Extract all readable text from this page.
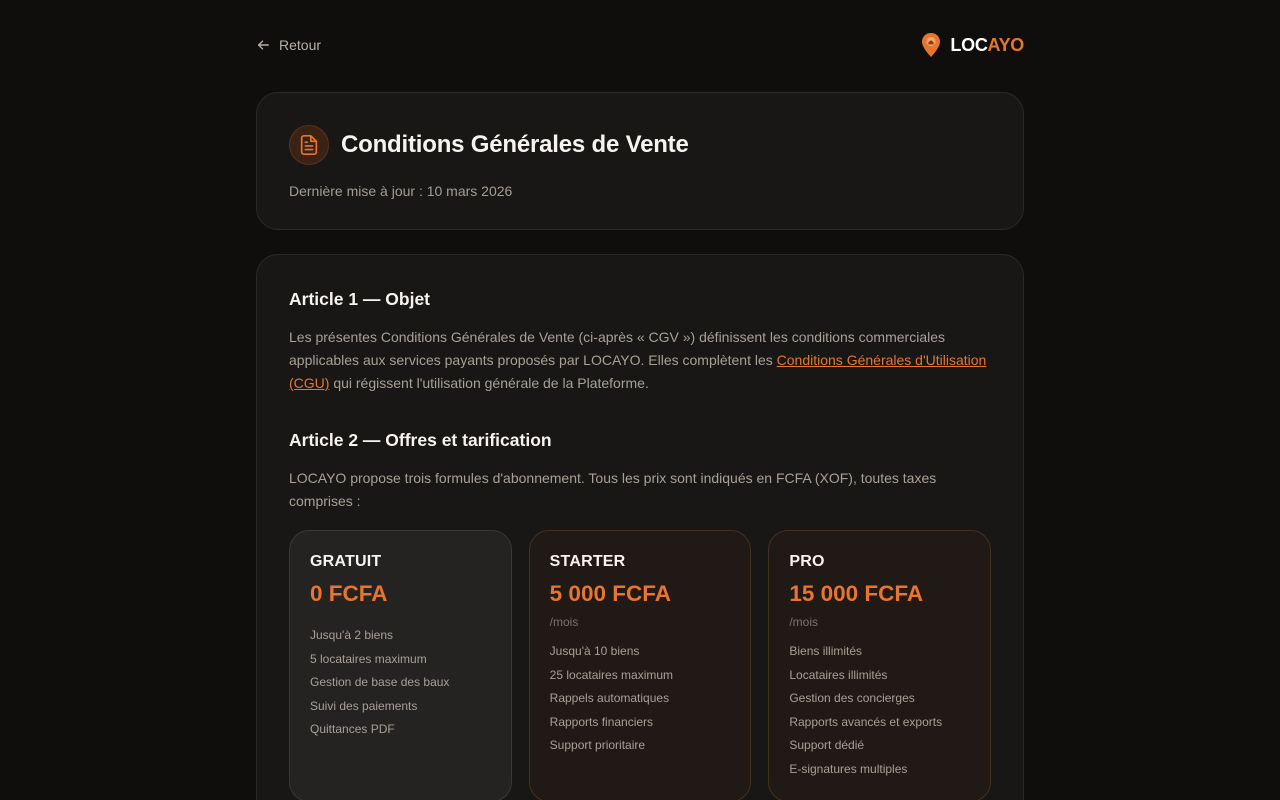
Retour	LOCAYO
Conditions Générales de Vente
Dernière mise à jour : 10 mars 2026
Article 1 — Objet

Les présentes Conditions Générales de Vente (ci-après « CGV ») définissent les conditions commerciales applicables aux services payants proposés par LOCAYO. Elles complètent les Conditions Générales d'Utilisation (CGU) qui régissent l'utilisation générale de la Plateforme.

Article 2 — Offres et tarification

LOCAYO propose trois formules d'abonnement. Tous les prix sont indiqués en FCFA (XOF), toutes taxes comprises :

GRATUIT
0 FCFA
Jusqu'à 2 biens
5 locataires maximum
Gestion de base des baux
Suivi des paiements
Quittances PDF
STARTER
5 000 FCFA
/mois
Jusqu'à 10 biens
25 locataires maximum
Rappels automatiques
Rapports financiers
Support prioritaire
PRO
15 000 FCFA
/mois
Biens illimités
Locataires illimités
Gestion des concierges
Rapports avancés et exports
Support dédié
E-signatures multiples
